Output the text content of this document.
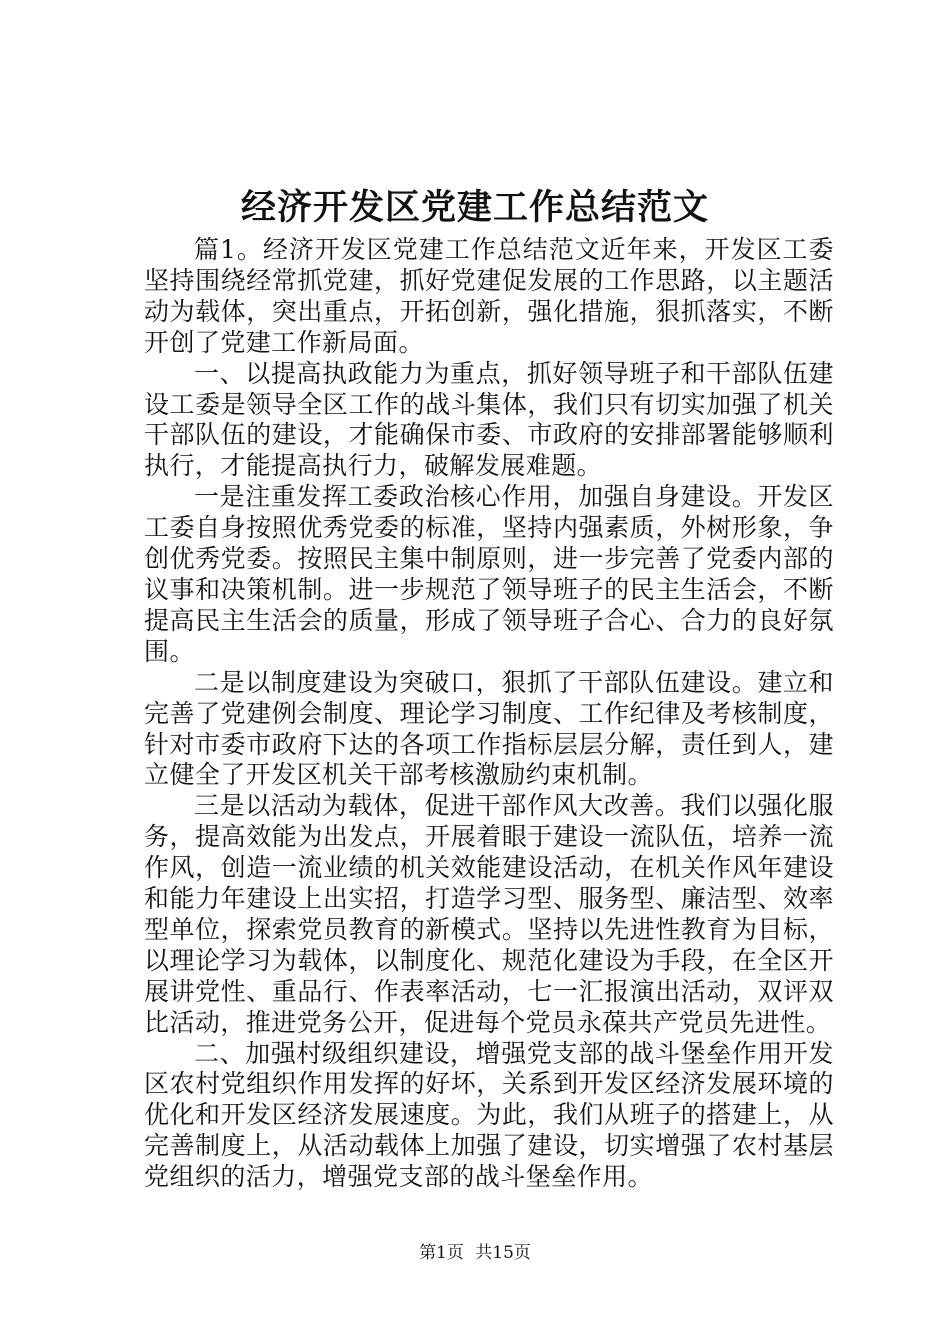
经济开发区党建工作总结范文

篇1。经济开发区党建工作总结范文近年来，开发区工委坚持围绕经常抓党建，抓好党建促发展的工作思路，以主题活动为载体，突出重点，开拓创新，强化措施，狠抓落实，不断开创了党建工作新局面。

一、以提高执政能力为重点，抓好领导班子和干部队伍建设工委是领导全区工作的战斗集体，我们只有切实加强了机关干部队伍的建设，才能确保市委、市政府的安排部署能够顺利执行，才能提高执行力，破解发展难题。

一是注重发挥工委政治核心作用，加强自身建设。开发区工委自身按照优秀党委的标准，坚持内强素质，外树形象，争创优秀党委。按照民主集中制原则，进一步完善了党委内部的议事和决策机制。进一步规范了领导班子的民主生活会，不断提高民主生活会的质量，形成了领导班子合心、合力的良好氛围。

二是以制度建设为突破口，狠抓了干部队伍建设。建立和完善了党建例会制度、理论学习制度、工作纪律及考核制度，针对市委市政府下达的各项工作指标层层分解，责任到人，建立健全了开发区机关干部考核激励约束机制。

三是以活动为载体，促进干部作风大改善。我们以强化服务，提高效能为出发点，开展着眼于建设一流队伍，培养一流作风，创造一流业绩的机关效能建设活动，在机关作风年建设和能力年建设上出实招，打造学习型、服务型、廉洁型、效率型单位，探索党员教育的新模式。坚持以先进性教育为目标，以理论学习为载体，以制度化、规范化建设为手段，在全区开展讲党性、重品行、作表率活动，七一汇报演出活动，双评双比活动，推进党务公开，促进每个党员永葆共产党员先进性。

二、加强村级组织建设，增强党支部的战斗堡垒作用开发区农村党组织作用发挥的好坏，关系到开发区经济发展环境的优化和开发区经济发展速度。为此，我们从班子的搭建上，从完善制度上，从活动载体上加强了建设，切实增强了农村基层党组织的活力，增强党支部的战斗堡垒作用。

第1页 共15页
